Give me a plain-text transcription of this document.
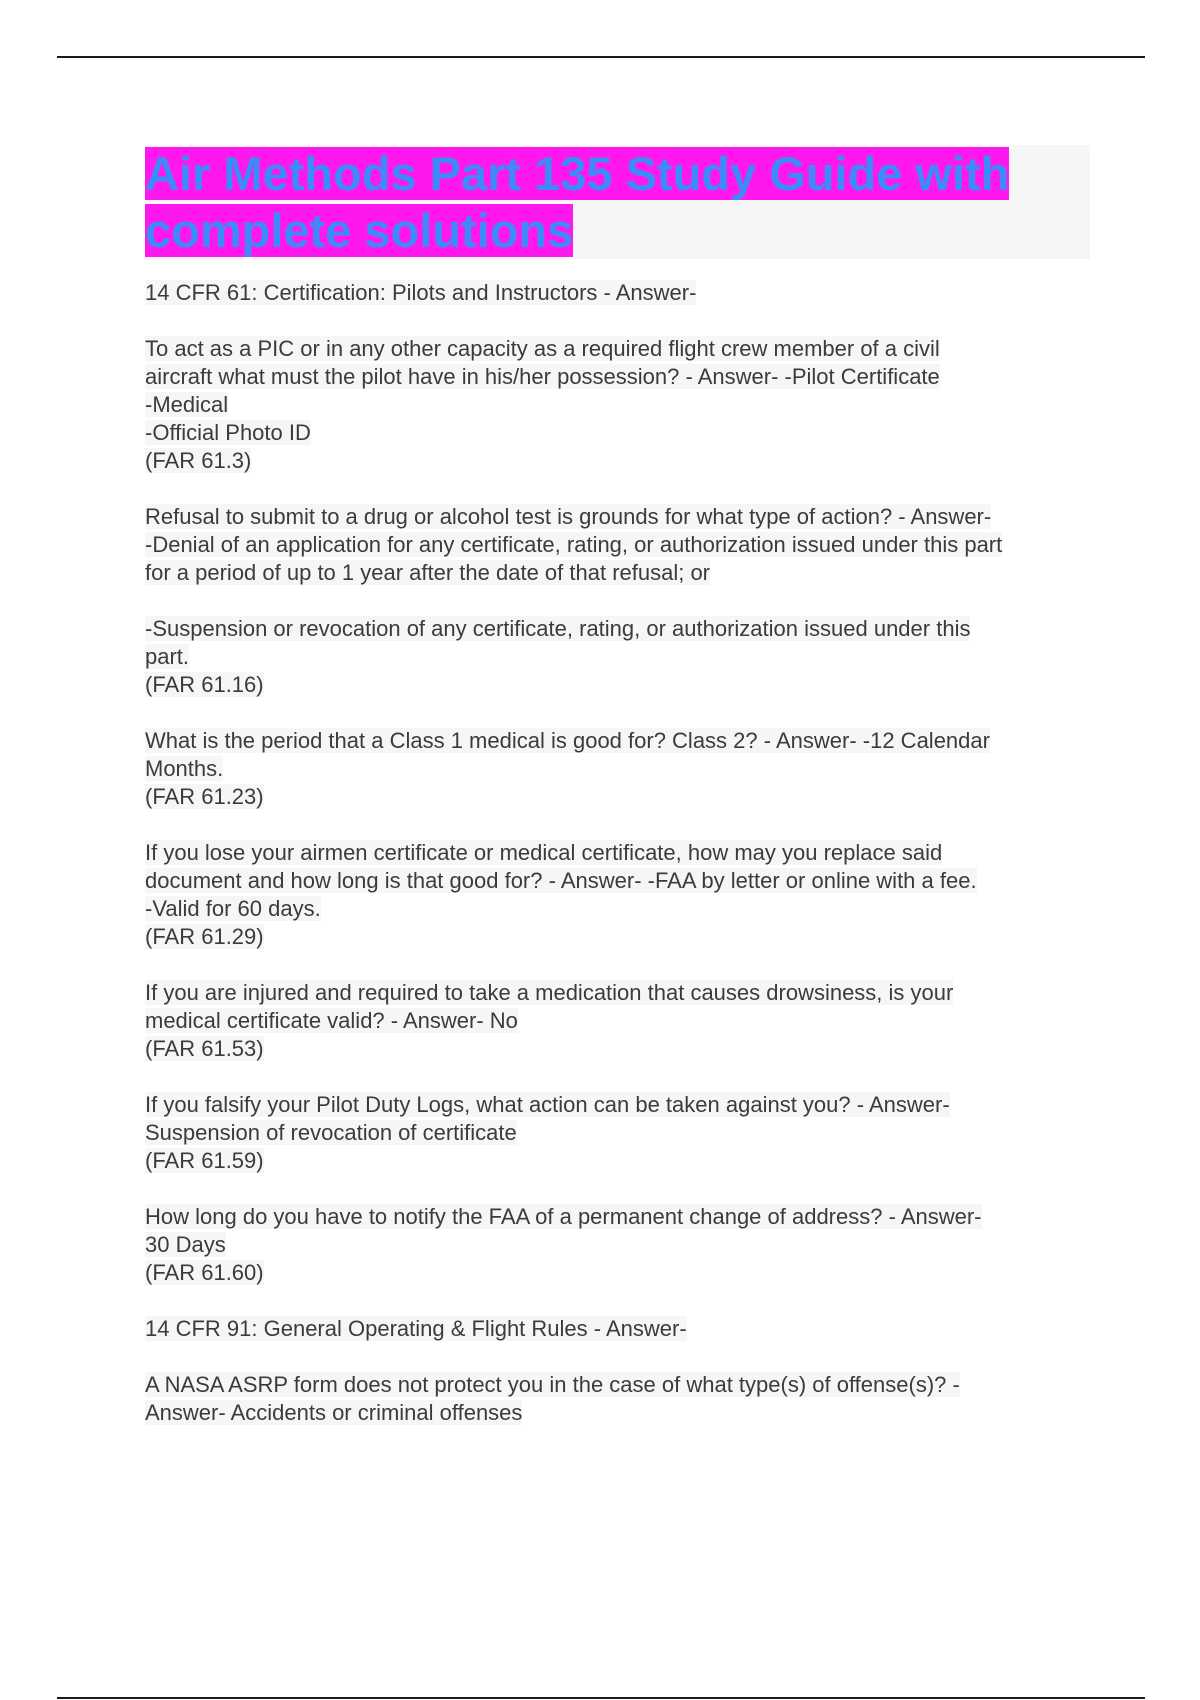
Air Methods Part 135 Study Guide with
complete solutions
14 CFR 61: Certification: Pilots and Instructors - Answer-
To act as a PIC or in any other capacity as a required flight crew member of a civil
aircraft what must the pilot have in his/her possession? - Answer- -Pilot Certificate
-Medical
-Official Photo ID
(FAR 61.3)
Refusal to submit to a drug or alcohol test is grounds for what type of action? - Answer-
-Denial of an application for any certificate, rating, or authorization issued under this part
for a period of up to 1 year after the date of that refusal; or
-Suspension or revocation of any certificate, rating, or authorization issued under this
part.
(FAR 61.16)
What is the period that a Class 1 medical is good for? Class 2? - Answer- -12 Calendar
Months.
(FAR 61.23)
If you lose your airmen certificate or medical certificate, how may you replace said
document and how long is that good for? - Answer- -FAA by letter or online with a fee.
-Valid for 60 days.
(FAR 61.29)
If you are injured and required to take a medication that causes drowsiness, is your
medical certificate valid? - Answer- No
(FAR 61.53)
If you falsify your Pilot Duty Logs, what action can be taken against you? - Answer-
Suspension of revocation of certificate
(FAR 61.59)
How long do you have to notify the FAA of a permanent change of address? - Answer-
30 Days
(FAR 61.60)
14 CFR 91: General Operating & Flight Rules - Answer-
A NASA ASRP form does not protect you in the case of what type(s) of offense(s)? -
Answer- Accidents or criminal offenses
